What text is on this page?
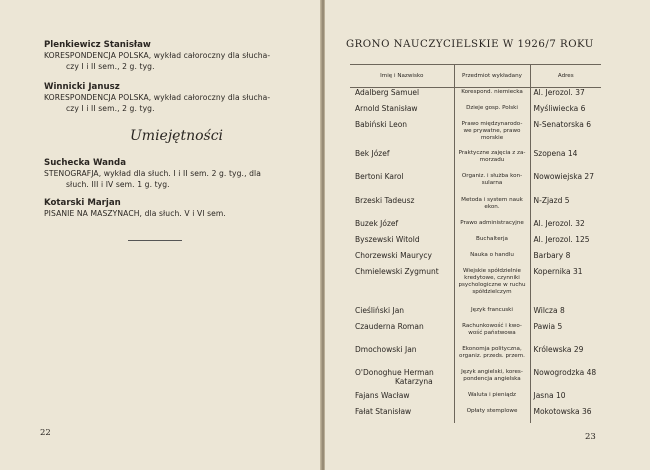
Plenkiewicz Stanisław
KORESPONDENCJA POLSKA, wykład całoroczny dla słucha-
czy I i II sem., 2 g. tyg.
Winnicki Janusz
KORESPONDENCJA POLSKA, wykład całoroczny dla słucha-
czy I i II sem., 2 g. tyg.
Umiejętności
Suchecka Wanda
STENOGRAFJA, wykład dla słuch. I i II sem. 2 g. tyg., dla
słuch. III i IV sem. 1 g. tyg.
Kotarski Marjan
PISANIE NA MASZYNACH, dla słuch. V i VI sem.
22
GRONO NAUCZYCIELSKIE W 1926/7 ROKU
Imię i Nazwisko	Przedmiot wykładany	Adres
Adalberg Samuel	Korespond. niemiecka	Al. Jerozol. 37
Arnold Stanisław	Dzieje gosp. Polski	Myśliwiecka 6
Babiński Leon	Prawo międzynarodo-
we prywatne, prawo
morskie	N-Senatorska 6
Bek Józef	Praktyczne zajęcia z za-
morzadu	Szopena 14
Bertoni Karol	Organiz. i służba kon-
sularna	Nowowiejska 27
Brzeski Tadeusz	Metoda i system nauk
ekon.	N-Zjazd 5
Buzek Józef	Prawo administracyjne	Al. Jerozol. 32
Byszewski Witold	Buchalterja	Al. Jerozol. 125
Chorzewski Maurycy	Nauka o handlu	Barbary 8
Chmielewski Zygmunt	Wiejskie spółdzielnie
kredytowe, czynniki
psychologiczne w ruchu
spółdzielczym	Kopernika 31
Cieśliński Jan	Język francuski	Wilcza 8
Czauderna Roman	Rachunkowość i kwo-
wość państwowa	Pawia 5
Dmochowski Jan	Ekonomja polityczna,
organiz. przeds. przem.	Królewska 29

O'Donoghue Herman
Katarzyna	Język angielski, kores-
pondencja angielska	Nowogrodzka 48
Fajans Wacław	Waluta i pieniądz	Jasna 10
Fałat Stanisław	Opłaty stemplowe	Mokotowska 36
23
